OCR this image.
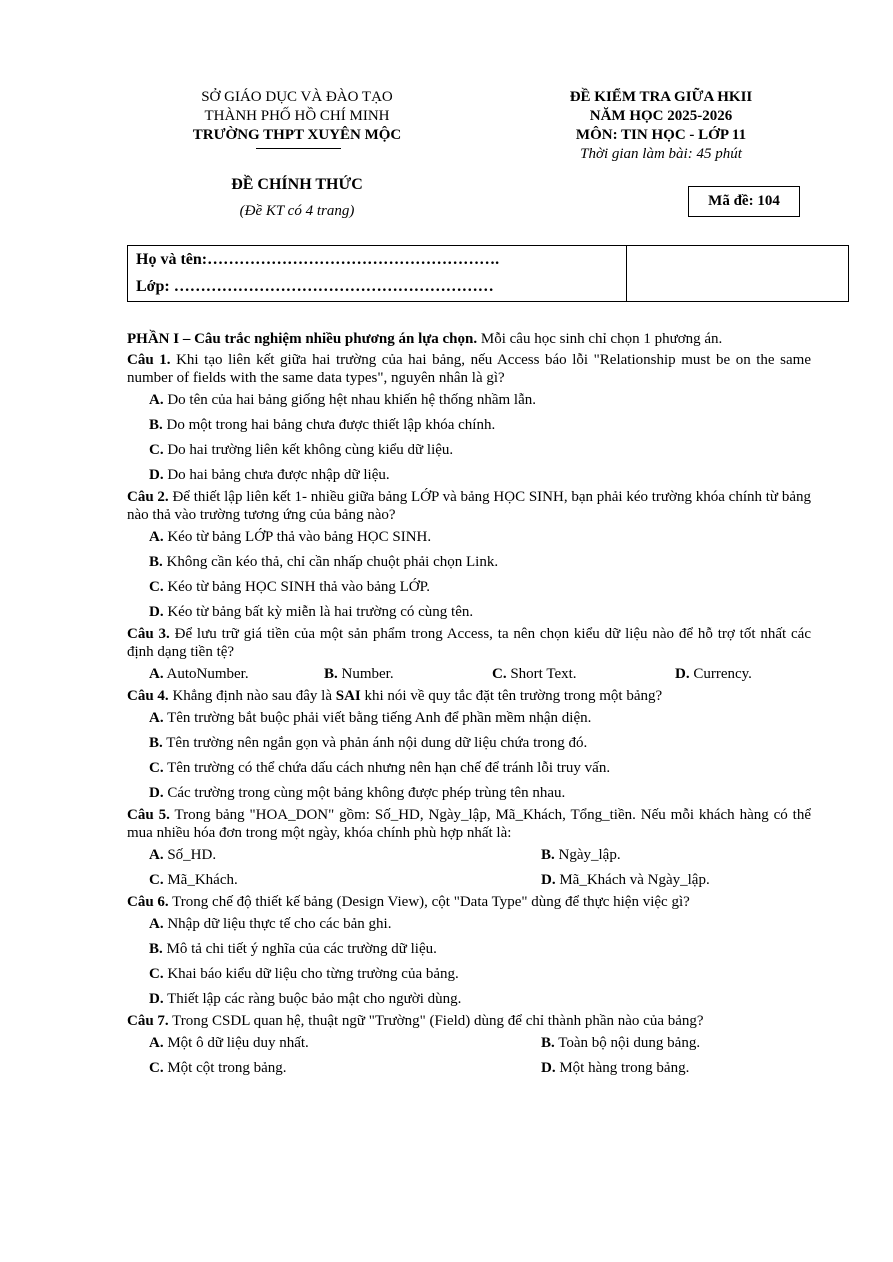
SỞ GIÁO DỤC VÀ ĐÀO TẠO
THÀNH PHỐ HỒ CHÍ MINH
TRƯỜNG THPT XUYÊN MỘC
ĐỀ CHÍNH THỨC
(Đề KT có 4 trang)
ĐỀ KIỂM TRA GIỮA HKII
NĂM HỌC 2025-2026
MÔN: TIN HỌC - LỚP 11
Thời gian làm bài: 45 phút
Mã đề: 104
Họ và tên:……………………………………………….
Lớp: ……………………………………………………

PHẦN I – Câu trắc nghiệm nhiều phương án lựa chọn. Mỗi câu học sinh chỉ chọn 1 phương án.

Câu 1. Khi tạo liên kết giữa hai trường của hai bảng, nếu Access báo lỗi "Relationship must be on the same number of fields with the same data types", nguyên nhân là gì?

A. Do tên của hai bảng giống hệt nhau khiến hệ thống nhầm lẫn.
B. Do một trong hai bảng chưa được thiết lập khóa chính.
C. Do hai trường liên kết không cùng kiểu dữ liệu.
D. Do hai bảng chưa được nhập dữ liệu.

Câu 2. Để thiết lập liên kết 1- nhiều giữa bảng LỚP và bảng HỌC SINH, bạn phải kéo trường khóa chính từ bảng nào thả vào trường tương ứng của bảng nào?

A. Kéo từ bảng LỚP thả vào bảng HỌC SINH.
B. Không cần kéo thả, chỉ cần nhấp chuột phải chọn Link.
C. Kéo từ bảng HỌC SINH thả vào bảng LỚP.
D. Kéo từ bảng bất kỳ miễn là hai trường có cùng tên.

Câu 3. Để lưu trữ giá tiền của một sản phẩm trong Access, ta nên chọn kiểu dữ liệu nào để hỗ trợ tốt nhất các định dạng tiền tệ?

A. AutoNumber.	B. Number.	C. Short Text.	D. Currency.

Câu 4. Khẳng định nào sau đây là SAI khi nói về quy tắc đặt tên trường trong một bảng?

A. Tên trường bắt buộc phải viết bằng tiếng Anh để phần mềm nhận diện.
B. Tên trường nên ngắn gọn và phản ánh nội dung dữ liệu chứa trong đó.
C. Tên trường có thể chứa dấu cách nhưng nên hạn chế để tránh lỗi truy vấn.
D. Các trường trong cùng một bảng không được phép trùng tên nhau.

Câu 5. Trong bảng "HOA_DON" gồm: Số_HD, Ngày_lập, Mã_Khách, Tổng_tiền. Nếu mỗi khách hàng có thể mua nhiều hóa đơn trong một ngày, khóa chính phù hợp nhất là:

A. Số_HD.	B. Ngày_lập.
C. Mã_Khách.	D. Mã_Khách và Ngày_lập.

Câu 6. Trong chế độ thiết kế bảng (Design View), cột "Data Type" dùng để thực hiện việc gì?

A. Nhập dữ liệu thực tế cho các bản ghi.
B. Mô tả chi tiết ý nghĩa của các trường dữ liệu.
C. Khai báo kiểu dữ liệu cho từng trường của bảng.
D. Thiết lập các ràng buộc bảo mật cho người dùng.

Câu 7. Trong CSDL quan hệ, thuật ngữ "Trường" (Field) dùng để chỉ thành phần nào của bảng?

A. Một ô dữ liệu duy nhất.	B. Toàn bộ nội dung bảng.
C. Một cột trong bảng.	D. Một hàng trong bảng.
